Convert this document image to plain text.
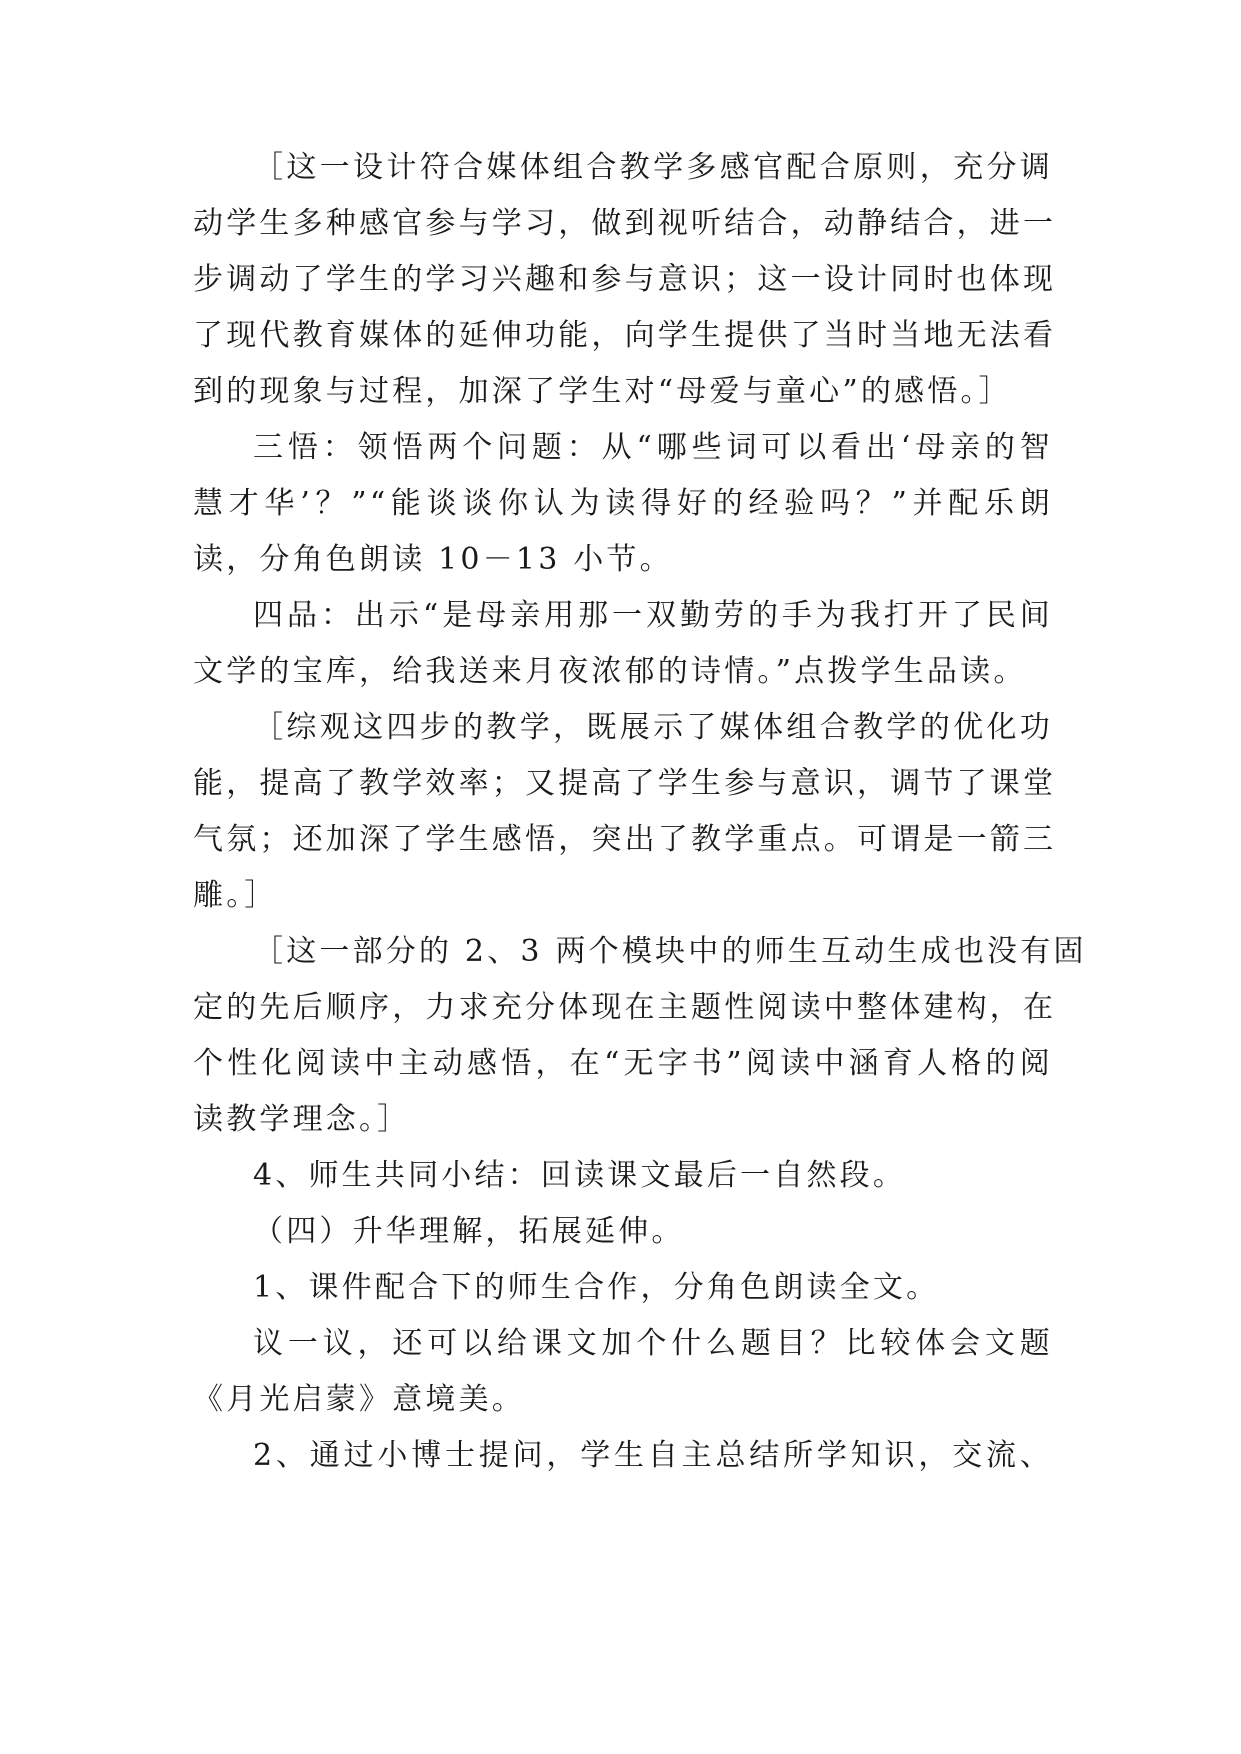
［这一设计符合媒体组合教学多感官配合原则，充分调
动学生多种感官参与学习，做到视听结合，动静结合，进一
步调动了学生的学习兴趣和参与意识；这一设计同时也体现
了现代教育媒体的延伸功能，向学生提供了当时当地无法看
到的现象与过程，加深了学生对“母爱与童心”的感悟。］
三悟：领悟两个问题：从“哪些词可以看出‘母亲的智
慧才华’？”“能谈谈你认为读得好的经验吗？”并配乐朗
读，分角色朗读 10－13 小节。
四品：出示“是母亲用那一双勤劳的手为我打开了民间
文学的宝库，给我送来月夜浓郁的诗情。”点拨学生品读。
［综观这四步的教学，既展示了媒体组合教学的优化功
能，提高了教学效率；又提高了学生参与意识，调节了课堂
气氛；还加深了学生感悟，突出了教学重点。可谓是一箭三
雕。］
［这一部分的 2、3 两个模块中的师生互动生成也没有固
定的先后顺序，力求充分体现在主题性阅读中整体建构，在
个性化阅读中主动感悟，在“无字书”阅读中涵育人格的阅
读教学理念。］
4、师生共同小结：回读课文最后一自然段。
（四）升华理解，拓展延伸。
1、课件配合下的师生合作，分角色朗读全文。
议一议，还可以给课文加个什么题目？比较体会文题
《月光启蒙》意境美。
2、通过小博士提问，学生自主总结所学知识，交流、
